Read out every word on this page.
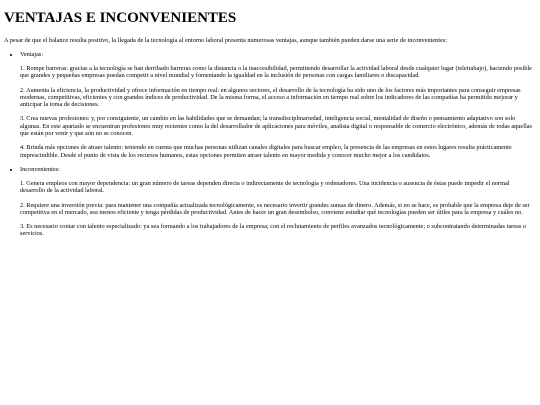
VENTAJAS E INCONVENIENTES

A pesar de que el balance resulta positivo, la llegada de la tecnología al entorno laboral presenta numerosas ventajas, aunque también pueden darse una serie de inconvenientes:

• Ventajas:

1. Rompe barreras: gracias a la tecnología se han derribado barreras como la distancia o la inaccesibilidad, permitiendo desarrollar la actividad laboral desde cualquier lugar (teletrabajo), haciendo posible que grandes y pequeñas empresas puedan competir a nivel mundial y fomentando la igualdad en la inclusión de personas con cargas familiares o discapacidad.

2. Aumenta la eficiencia, la productividad y ofrece información en tiempo real: en algunos sectores, el desarrollo de la tecnología ha sido uno de los factores más importantes para conseguir empresas modernas, competitivas, eficientes y con grandes índices de productividad. De la misma forma, el acceso a información en tiempo real sobre los indicadores de las compañías ha permitido mejorar y anticipar la toma de decisiones.

3. Crea nuevas profesiones: y, por consiguiente, un cambio en las habilidades que se demandan; la transdisciplinariedad, inteligencia social, mentalidad de diseño o pensamiento adaptativo son solo algunas. En este apartado se encuentran profesiones muy recientes como la del desarrollador de aplicaciones para móviles, analista digital o responsable de comercio electrónico, además de todas aquellas que están por venir y que aún no se conocen.

4. Brinda más opciones de atraer talento: teniendo en cuenta que muchas personas utilizan canales digitales para buscar empleo, la presencia de las empresas en estos lugares resulta prácticamente imprescindible. Desde el punto de vista de los recursos humanos, estas opciones permiten atraer talento en mayor medida y conocer mucho mejor a los candidatos.

• Inconvenientes:

1. Genera empleos con mayor dependencia: un gran número de tareas dependen directa o indirectamente de tecnología y ordenadores. Una incidencia o ausencia de éstas puede impedir el normal desarrollo de la actividad laboral.

2. Requiere una inversión previa: para mantener una compañía actualizada tecnológicamente, es necesario invertir grandes sumas de dinero. Además, si no se hace, es probable que la empresa deje de ser competitiva en el mercado, sea menos eficiente y tenga pérdidas de productividad. Antes de hacer un gran desembolso, conviene estudiar qué tecnologías pueden ser útiles para la empresa y cuáles no.

3. Es necesario contar con talento especializado: ya sea formando a los trabajadores de la empresa; con el reclutamiento de perfiles avanzados tecnológicamente; o subcontratando determinadas tareas o servicios.
